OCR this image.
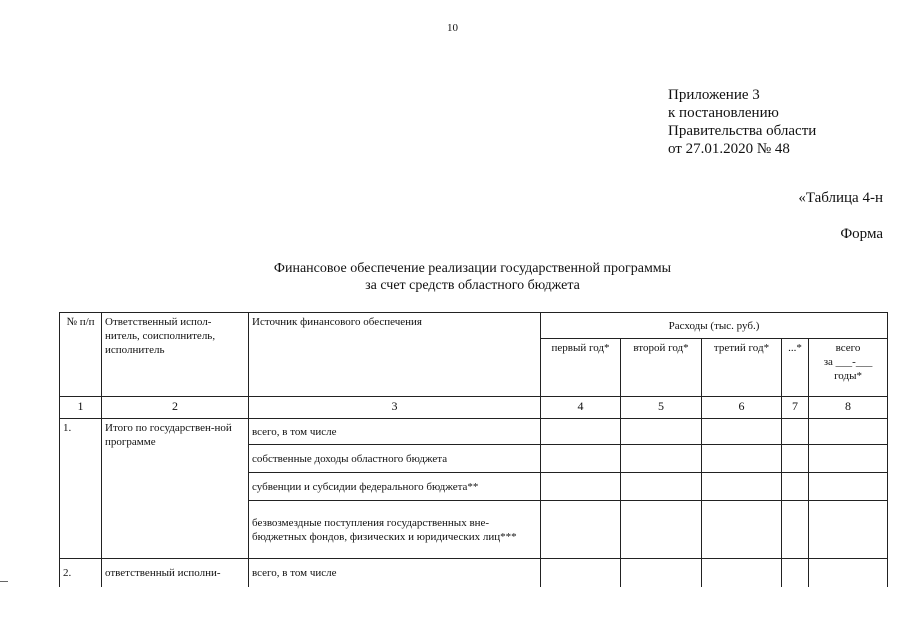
10
Приложение 3
к постановлению
Правительства области
от 27.01.2020 № 48
«Таблица 4-н
Форма
Финансовое обеспечение реализации государственной программы
за счет средств областного бюджета
№ п/п	Ответственный испол-нитель, соисполнитель, исполнитель	Источник финансового обеспечения	Расходы (тыс. руб.)				
			первый год*	второй год*	третий год*	...*	всего
за ___-___
годы*

1	2	3	4	5	6	7	8
1.	Итого по государствен-ной программе	всего, в том числе					
		собственные доходы областного бюджета					
		субвенции и субсидии федерального бюджета**					
		безвозмездные поступления государственных вне-бюджетных фондов, физических и юридических лиц***					
2.	ответственный исполни-	всего, в том числе					
